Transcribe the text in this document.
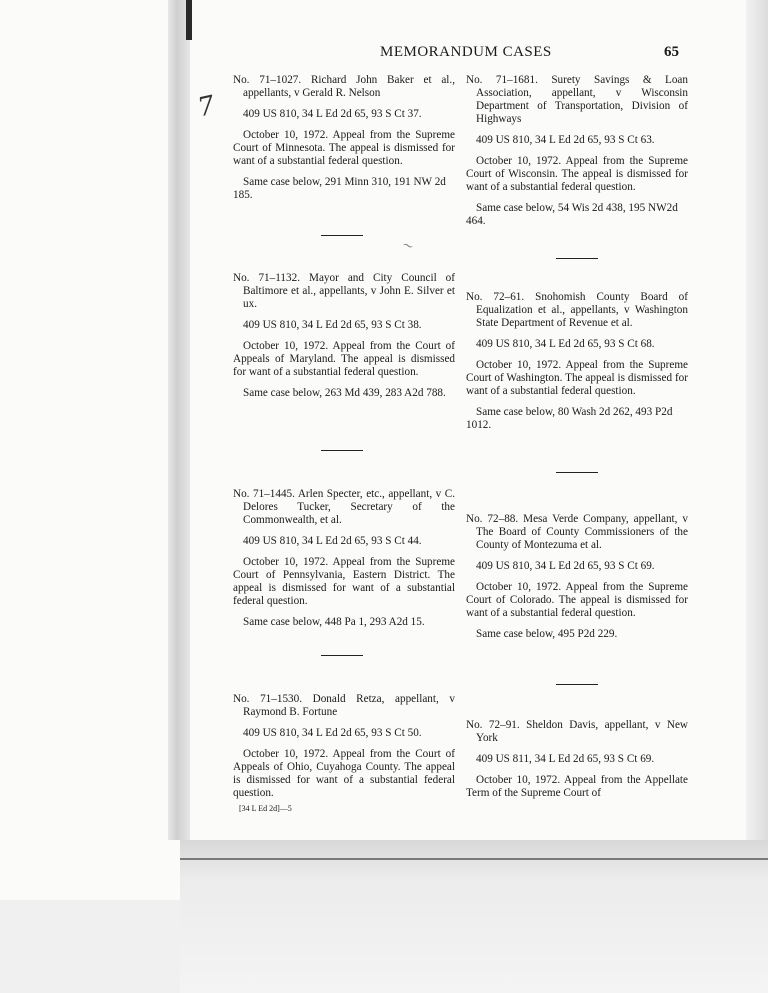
7
~
MEMORANDUM CASES	65

No. 71–1027. Richard John Baker et al., appellants, v Gerald R. Nelson

409 US 810, 34 L Ed 2d 65, 93 S Ct 37.

October 10, 1972. Appeal from the Supreme Court of Minnesota. The appeal is dismissed for want of a substantial federal question.

Same case below, 291 Minn 310, 191 NW 2d 185.

No. 71–1132. Mayor and City Council of Baltimore et al., appellants, v John E. Silver et ux.

409 US 810, 34 L Ed 2d 65, 93 S Ct 38.

October 10, 1972. Appeal from the Court of Appeals of Maryland. The appeal is dismissed for want of a substantial federal question.

Same case below, 263 Md 439, 283 A2d 788.

No. 71–1445. Arlen Specter, etc., appellant, v C. Delores Tucker, Secretary of the Commonwealth, et al.

409 US 810, 34 L Ed 2d 65, 93 S Ct 44.

October 10, 1972. Appeal from the Supreme Court of Pennsylvania, Eastern District. The appeal is dismissed for want of a substantial federal question.

Same case below, 448 Pa 1, 293 A2d 15.

No. 71–1530. Donald Retza, appellant, v Raymond B. Fortune

409 US 810, 34 L Ed 2d 65, 93 S Ct 50.

October 10, 1972. Appeal from the Court of Appeals of Ohio, Cuyahoga County. The appeal is dismissed for want of a substantial federal question.

[34 L Ed 2d]—5

No. 71–1681. Surety Savings & Loan Association, appellant, v Wisconsin Department of Transportation, Division of Highways

409 US 810, 34 L Ed 2d 65, 93 S Ct 63.

October 10, 1972. Appeal from the Supreme Court of Wisconsin. The appeal is dismissed for want of a substantial federal question.

Same case below, 54 Wis 2d 438, 195 NW2d 464.

No. 72–61. Snohomish County Board of Equalization et al., appellants, v Washington State Department of Revenue et al.

409 US 810, 34 L Ed 2d 65, 93 S Ct 68.

October 10, 1972. Appeal from the Supreme Court of Washington. The appeal is dismissed for want of a substantial federal question.

Same case below, 80 Wash 2d 262, 493 P2d 1012.

No. 72–88. Mesa Verde Company, appellant, v The Board of County Commissioners of the County of Montezuma et al.

409 US 810, 34 L Ed 2d 65, 93 S Ct 69.

October 10, 1972. Appeal from the Supreme Court of Colorado. The appeal is dismissed for want of a substantial federal question.

Same case below, 495 P2d 229.

No. 72–91. Sheldon Davis, appellant, v New York

409 US 811, 34 L Ed 2d 65, 93 S Ct 69.

October 10, 1972. Appeal from the Appellate Term of the Supreme Court of
